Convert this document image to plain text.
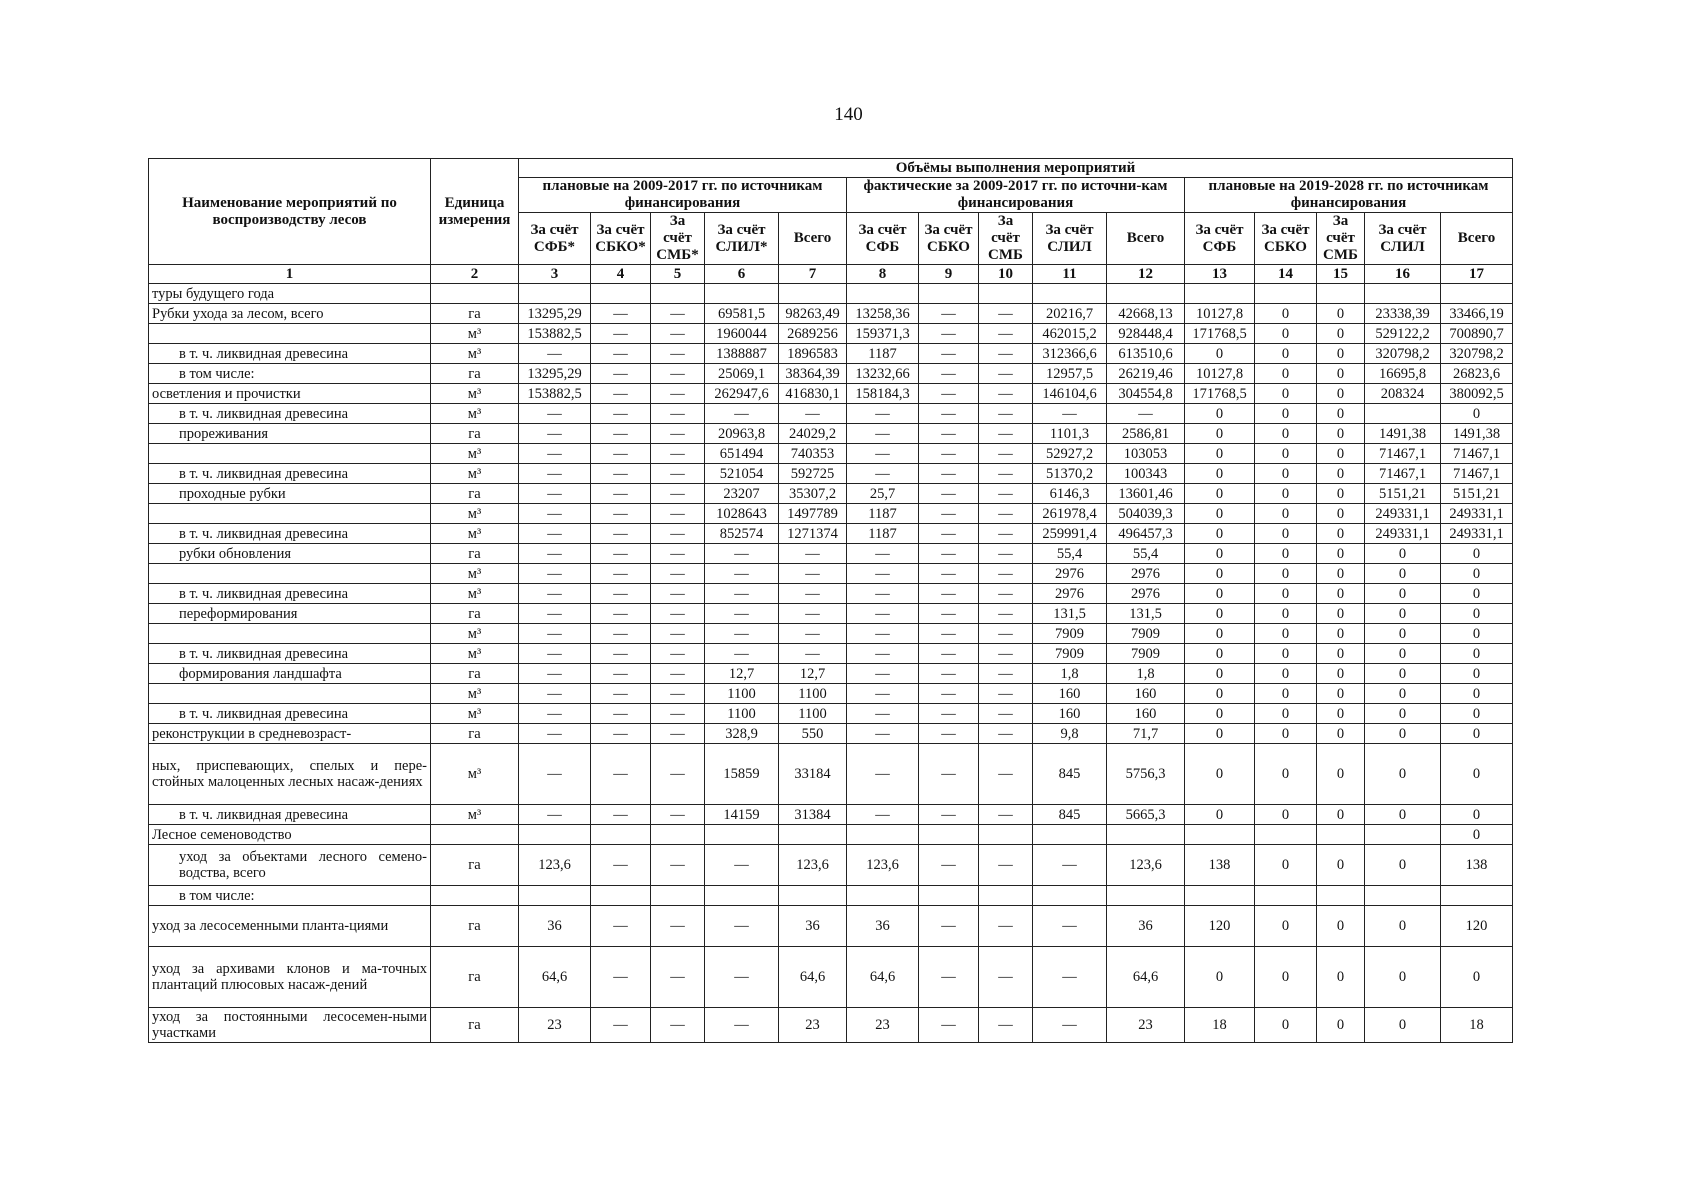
140
Наименование мероприятий по воспроизводству лесов	Единица измерения	Объёмы выполнения мероприятий														
		плановые на 2009-2017 гг. по источникам финансирования					фактические за 2009-2017 гг. по источни-кам финансирования					плановые на 2019-2028 гг. по источникам финансирования				
		За счёт СФБ*	За счёт СБКО*	За счёт СМБ*	За счёт СЛИЛ*	Всего	За счёт СФБ	За счёт СБКО	За счёт СМБ	За счёт СЛИЛ	Всего	За счёт СФБ	За счёт СБКО	За счёт СМБ	За счёт СЛИЛ	Всего
1	2	3	4	5	6	7	8	9	10	11	12	13	14	15	16	17
туры будущего года																
Рубки ухода за лесом, всего	га	13295,29	—	—	69581,5	98263,49	13258,36	—	—	20216,7	42668,13	10127,8	0	0	23338,39	33466,19
	м³	153882,5	—	—	1960044	2689256	159371,3	—	—	462015,2	928448,4	171768,5	0	0	529122,2	700890,7
в т. ч. ликвидная древесина	м³	—	—	—	1388887	1896583	1187	—	—	312366,6	613510,6	0	0	0	320798,2	320798,2
в том числе:	га	13295,29	—	—	25069,1	38364,39	13232,66	—	—	12957,5	26219,46	10127,8	0	0	16695,8	26823,6
осветления и прочистки	м³	153882,5	—	—	262947,6	416830,1	158184,3	—	—	146104,6	304554,8	171768,5	0	0	208324	380092,5
в т. ч. ликвидная древесина	м³	—	—	—	—	—	—	—	—	—	—	0	0	0		0
прореживания	га	—	—	—	20963,8	24029,2	—	—	—	1101,3	2586,81	0	0	0	1491,38	1491,38
	м³	—	—	—	651494	740353	—	—	—	52927,2	103053	0	0	0	71467,1	71467,1
в т. ч. ликвидная древесина	м³	—	—	—	521054	592725	—	—	—	51370,2	100343	0	0	0	71467,1	71467,1
проходные рубки	га	—	—	—	23207	35307,2	25,7	—	—	6146,3	13601,46	0	0	0	5151,21	5151,21
	м³	—	—	—	1028643	1497789	1187	—	—	261978,4	504039,3	0	0	0	249331,1	249331,1
в т. ч. ликвидная древесина	м³	—	—	—	852574	1271374	1187	—	—	259991,4	496457,3	0	0	0	249331,1	249331,1
рубки обновления	га	—	—	—	—	—	—	—	—	55,4	55,4	0	0	0	0	0
	м³	—	—	—	—	—	—	—	—	2976	2976	0	0	0	0	0
в т. ч. ликвидная древесина	м³	—	—	—	—	—	—	—	—	2976	2976	0	0	0	0	0
переформирования	га	—	—	—	—	—	—	—	—	131,5	131,5	0	0	0	0	0
	м³	—	—	—	—	—	—	—	—	7909	7909	0	0	0	0	0
в т. ч. ликвидная древесина	м³	—	—	—	—	—	—	—	—	7909	7909	0	0	0	0	0
формирования ландшафта	га	—	—	—	12,7	12,7	—	—	—	1,8	1,8	0	0	0	0	0
	м³	—	—	—	1100	1100	—	—	—	160	160	0	0	0	0	0
в т. ч. ликвидная древесина	м³	—	—	—	1100	1100	—	—	—	160	160	0	0	0	0	0
реконструкции в средневозраст-	га	—	—	—	328,9	550	—	—	—	9,8	71,7	0	0	0	0	0
ных, приспевающих, спелых и пере-стойных малоценных лесных насаж-дениях	м³	—	—	—	15859	33184	—	—	—	845	5756,3	0	0	0	0	0
в т. ч. ликвидная древесина	м³	—	—	—	14159	31384	—	—	—	845	5665,3	0	0	0	0	0
Лесное семеноводство																0
уход за объектами лесного семено-водства, всего	га	123,6	—	—	—	123,6	123,6	—	—	—	123,6	138	0	0	0	138
в том числе:																
уход за лесосеменными планта-циями	га	36	—	—	—	36	36	—	—	—	36	120	0	0	0	120
уход за архивами клонов и ма-точных плантаций плюсовых насаж-дений	га	64,6	—	—	—	64,6	64,6	—	—	—	64,6	0	0	0	0	0
уход за постоянными лесосемен-ными участками	га	23	—	—	—	23	23	—	—	—	23	18	0	0	0	18
